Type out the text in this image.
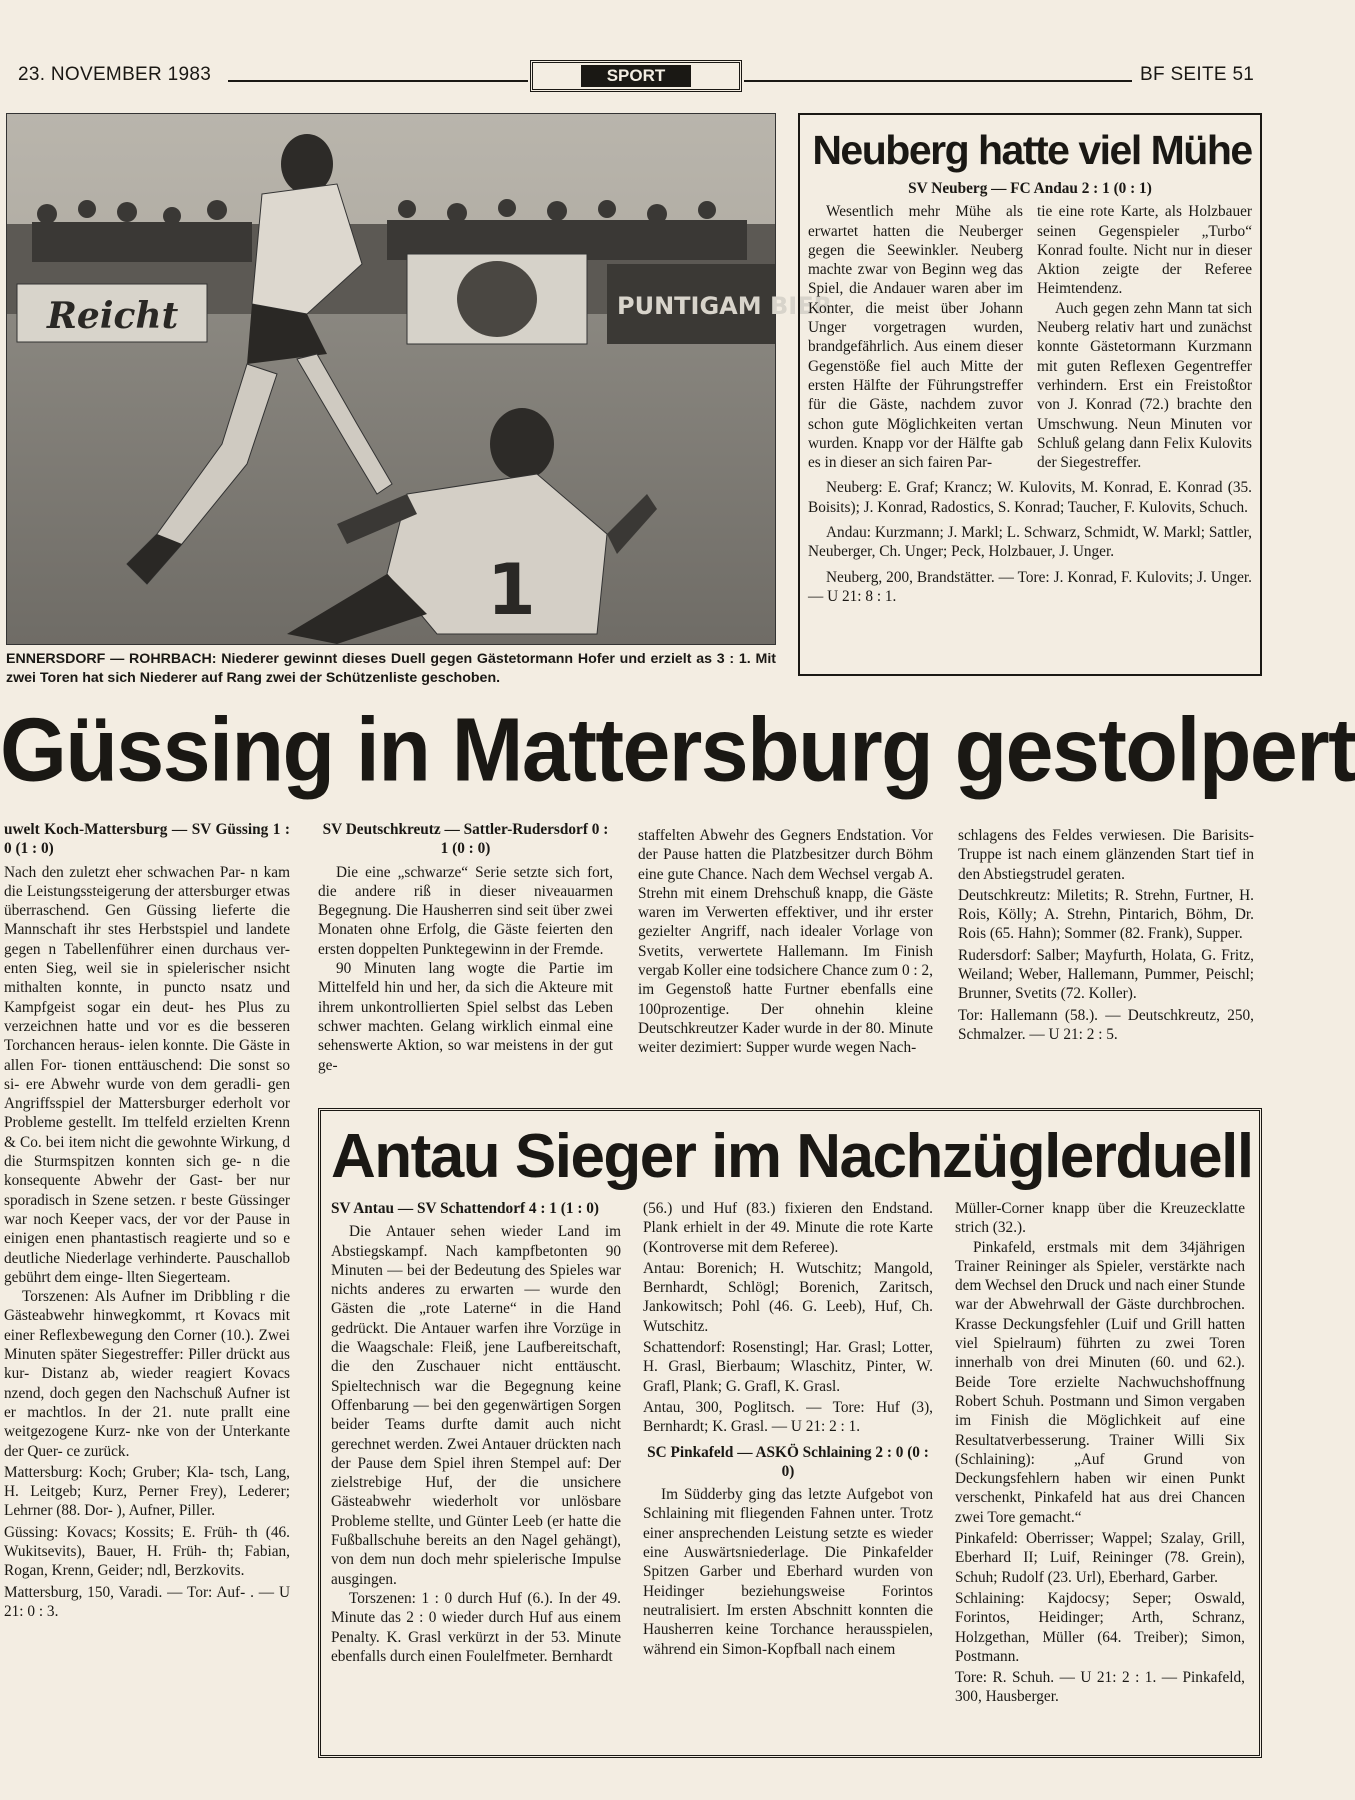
23. NOVEMBER 1983	SPORT	BF SEITE 51
Reicht	PUNTIGAM BIER
1
ENNERSDORF — ROHRBACH: Niederer gewinnt dieses Duell gegen Gästetormann Hofer und erzielt as 3 : 1. Mit zwei Toren hat sich Niederer auf Rang zwei der Schützenliste geschoben.
Neuberg hatte viel Mühe

SV Neuberg — FC Andau 2 : 1 (0 : 1)

Wesentlich mehr Mühe als erwartet hatten die Neuberger gegen die Seewinkler. Neuberg machte zwar von Beginn weg das Spiel, die Andauer waren aber im Konter, die meist über Johann Unger vorgetragen wurden, brandgefährlich. Aus einem dieser Gegenstöße fiel auch Mitte der ersten Hälfte der Führungstreffer für die Gäste, nachdem zuvor schon gute Möglichkeiten vertan wurden. Knapp vor der Hälfte gab es in dieser an sich fairen Par-

tie eine rote Karte, als Holzbauer seinen Gegenspieler „Turbo“ Konrad foulte. Nicht nur in dieser Aktion zeigte der Referee Heimtendenz.

Auch gegen zehn Mann tat sich Neuberg relativ hart und zunächst konnte Gästetormann Kurzmann mit guten Reflexen Gegentreffer verhindern. Erst ein Freistoßtor von J. Konrad (72.) brachte den Umschwung. Neun Minuten vor Schluß gelang dann Felix Kulovits der Siegestreffer.

Neuberg: E. Graf; Krancz; W. Kulovits, M. Konrad, E. Konrad (35. Boisits); J. Konrad, Radostics, S. Konrad; Taucher, F. Kulovits, Schuch.

Andau: Kurzmann; J. Markl; L. Schwarz, Schmidt, W. Markl; Sattler, Neuberger, Ch. Unger; Peck, Holzbauer, J. Unger.

Neuberg, 200, Brandstätter. — Tore: J. Konrad, F. Kulovits; J. Unger. — U 21: 8 : 1.

Güssing in Mattersburg gestolpert

uwelt Koch-Mattersburg — SV Güssing 1 : 0 (1 : 0)

Nach den zuletzt eher schwachen Par- n kam die Leistungssteigerung der attersburger etwas überraschend. Gen Güssing lieferte die Mannschaft ihr stes Herbstspiel und landete gegen n Tabellenführer einen durchaus ver- enten Sieg, weil sie in spielerischer nsicht mithalten konnte, in puncto nsatz und Kampfgeist sogar ein deut- hes Plus zu verzeichnen hatte und vor es die besseren Torchancen heraus- ielen konnte. Die Gäste in allen For- tionen enttäuschend: Die sonst so si- ere Abwehr wurde von dem geradli- gen Angriffsspiel der Mattersburger ederholt vor Probleme gestellt. Im ttelfeld erzielten Krenn & Co. bei item nicht die gewohnte Wirkung, d die Sturmspitzen konnten sich ge- n die konsequente Abwehr der Gast- ber nur sporadisch in Szene setzen. r beste Güssinger war noch Keeper vacs, der vor der Pause in einigen enen phantastisch reagierte und so e deutliche Niederlage verhinderte. Pauschallob gebührt dem einge- llten Siegerteam.

Torszenen: Als Aufner im Dribbling r die Gästeabwehr hinwegkommt, rt Kovacs mit einer Reflexbewegung den Corner (10.). Zwei Minuten später Siegestreffer: Piller drückt aus kur- Distanz ab, wieder reagiert Kovacs nzend, doch gegen den Nachschuß Aufner ist er machtlos. In der 21. nute prallt eine weitgezogene Kurz- nke von der Unterkante der Quer- ce zurück.

Mattersburg: Koch; Gruber; Kla- tsch, Lang, H. Leitgeb; Kurz, Perner Frey), Lederer; Lehrner (88. Dor- ), Aufner, Piller.

Güssing: Kovacs; Kossits; E. Früh- th (46. Wukitsevits), Bauer, H. Früh- th; Fabian, Rogan, Krenn, Geider; ndl, Berzkovits.

Mattersburg, 150, Varadi. — Tor: Auf- . — U 21: 0 : 3.

SV Deutschkreutz — Sattler-Rudersdorf 0 : 1 (0 : 0)

Die eine „schwarze“ Serie setzte sich fort, die andere riß in dieser niveauarmen Begegnung. Die Hausherren sind seit über zwei Monaten ohne Erfolg, die Gäste feierten den ersten doppelten Punktegewinn in der Fremde.

90 Minuten lang wogte die Partie im Mittelfeld hin und her, da sich die Akteure mit ihrem unkontrollierten Spiel selbst das Leben schwer machten. Gelang wirklich einmal eine sehenswerte Aktion, so war meistens in der gut ge-

staffelten Abwehr des Gegners Endstation. Vor der Pause hatten die Platzbesitzer durch Böhm eine gute Chance. Nach dem Wechsel vergab A. Strehn mit einem Drehschuß knapp, die Gäste waren im Verwerten effektiver, und ihr erster gezielter Angriff, nach idealer Vorlage von Svetits, verwertete Hallemann. Im Finish vergab Koller eine todsichere Chance zum 0 : 2, im Gegenstoß hatte Furtner ebenfalls eine 100prozentige. Der ohnehin kleine Deutschkreutzer Kader wurde in der 80. Minute weiter dezimiert: Supper wurde wegen Nach-

schlagens des Feldes verwiesen. Die Barisits-Truppe ist nach einem glänzenden Start tief in den Abstiegstrudel geraten.

Deutschkreutz: Miletits; R. Strehn, Furtner, H. Rois, Kölly; A. Strehn, Pintarich, Böhm, Dr. Rois (65. Hahn); Sommer (82. Frank), Supper.

Rudersdorf: Salber; Mayfurth, Holata, G. Fritz, Weiland; Weber, Hallemann, Pummer, Peischl; Brunner, Svetits (72. Koller).

Tor: Hallemann (58.). — Deutschkreutz, 250, Schmalzer. — U 21: 2 : 5.

Antau Sieger im Nachzüglerduell

SV Antau — SV Schattendorf 4 : 1 (1 : 0)

Die Antauer sehen wieder Land im Abstiegskampf. Nach kampfbetonten 90 Minuten — bei der Bedeutung des Spieles war nichts anderes zu erwarten — wurde den Gästen die „rote Laterne“ in die Hand gedrückt. Die Antauer warfen ihre Vorzüge in die Waagschale: Fleiß, jene Laufbereitschaft, die den Zuschauer nicht enttäuscht. Spieltechnisch war die Begegnung keine Offenbarung — bei den gegenwärtigen Sorgen beider Teams durfte damit auch nicht gerechnet werden. Zwei Antauer drückten nach der Pause dem Spiel ihren Stempel auf: Der zielstrebige Huf, der die unsichere Gästeabwehr wiederholt vor unlösbare Probleme stellte, und Günter Leeb (er hatte die Fußballschuhe bereits an den Nagel gehängt), von dem nun doch mehr spielerische Impulse ausgingen.

Torszenen: 1 : 0 durch Huf (6.). In der 49. Minute das 2 : 0 wieder durch Huf aus einem Penalty. K. Grasl verkürzt in der 53. Minute ebenfalls durch einen Foulelfmeter. Bernhardt

(56.) und Huf (83.) fixieren den Endstand. Plank erhielt in der 49. Minute die rote Karte (Kontroverse mit dem Referee).

Antau: Borenich; H. Wutschitz; Mangold, Bernhardt, Schlögl; Borenich, Zaritsch, Jankowitsch; Pohl (46. G. Leeb), Huf, Ch. Wutschitz.

Schattendorf: Rosenstingl; Har. Grasl; Lotter, H. Grasl, Bierbaum; Wlaschitz, Pinter, W. Grafl, Plank; G. Grafl, K. Grasl.

Antau, 300, Poglitsch. — Tore: Huf (3), Bernhardt; K. Grasl. — U 21: 2 : 1.

SC Pinkafeld — ASKÖ Schlaining 2 : 0 (0 : 0)

Im Südderby ging das letzte Aufgebot von Schlaining mit fliegenden Fahnen unter. Trotz einer ansprechenden Leistung setzte es wieder eine Auswärtsniederlage. Die Pinkafelder Spitzen Garber und Eberhard wurden von Heidinger beziehungsweise Forintos neutralisiert. Im ersten Abschnitt konnten die Hausherren keine Torchance herausspielen, während ein Simon-Kopfball nach einem

Müller-Corner knapp über die Kreuzecklatte strich (32.).

Pinkafeld, erstmals mit dem 34jährigen Trainer Reininger als Spieler, verstärkte nach dem Wechsel den Druck und nach einer Stunde war der Abwehrwall der Gäste durchbrochen. Krasse Deckungsfehler (Luif und Grill hatten viel Spielraum) führten zu zwei Toren innerhalb von drei Minuten (60. und 62.). Beide Tore erzielte Nachwuchshoffnung Robert Schuh. Postmann und Simon vergaben im Finish die Möglichkeit auf eine Resultatverbesserung. Trainer Willi Six (Schlaining): „Auf Grund von Deckungsfehlern haben wir einen Punkt verschenkt, Pinkafeld hat aus drei Chancen zwei Tore gemacht.“

Pinkafeld: Oberrisser; Wappel; Szalay, Grill, Eberhard II; Luif, Reininger (78. Grein), Schuh; Rudolf (23. Url), Eberhard, Garber.

Schlaining: Kajdocsy; Seper; Oswald, Forintos, Heidinger; Arth, Schranz, Holzgethan, Müller (64. Treiber); Simon, Postmann.

Tore: R. Schuh. — U 21: 2 : 1. — Pinkafeld, 300, Hausberger.
